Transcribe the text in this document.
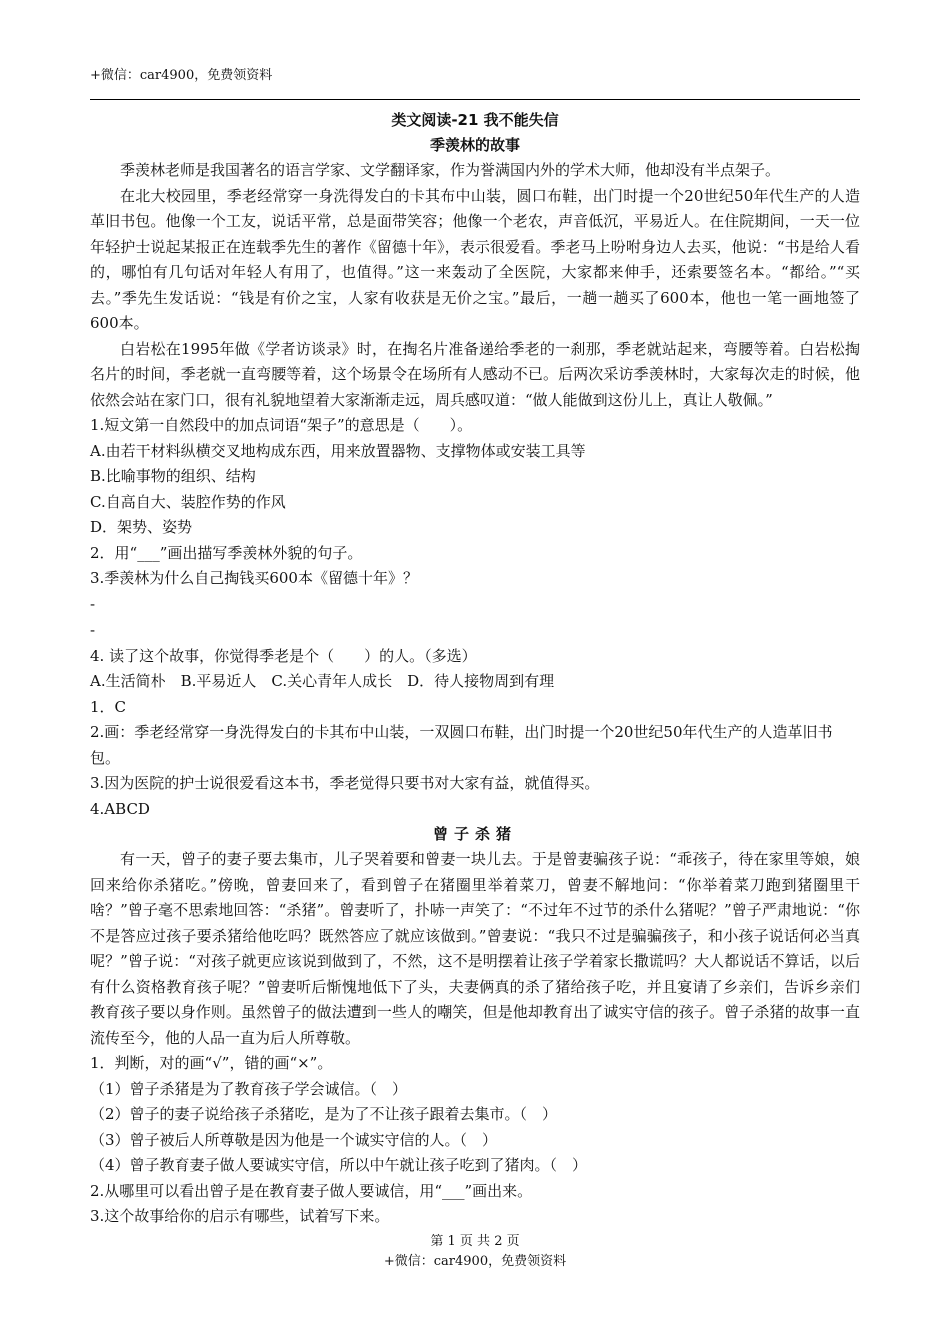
+微信：car4900，免费领资料
类文阅读-21 我不能失信
季羡林的故事

季羡林老师是我国著名的语言学家、文学翻译家，作为誉满国内外的学术大师，他却没有半点架子。

在北大校园里，季老经常穿一身洗得发白的卡其布中山装，圆口布鞋，出门时提一个20世纪50年代生产的人造革旧书包。他像一个工友，说话平常，总是面带笑容；他像一个老农，声音低沉，平易近人。在住院期间，一天一位年轻护士说起某报正在连载季先生的著作《留德十年》，表示很爱看。季老马上吩咐身边人去买，他说：“书是给人看的，哪怕有几句话对年轻人有用了，也值得。”这一来轰动了全医院，大家都来伸手，还索要签名本。“都给。”“买去。”季先生发话说：“钱是有价之宝，人家有收获是无价之宝。”最后，一趟一趟买了600本，他也一笔一画地签了600本。

白岩松在1995年做《学者访谈录》时，在掏名片准备递给季老的一刹那，季老就站起来，弯腰等着。白岩松掏名片的时间，季老就一直弯腰等着，这个场景令在场所有人感动不已。后两次采访季羡林时，大家每次走的时候，他依然会站在家门口，很有礼貌地望着大家渐渐走远，周兵感叹道：“做人能做到这份儿上，真让人敬佩。”

1.短文第一自然段中的加点词语“架子”的意思是（　　）。

A.由若干材料纵横交叉地构成东西，用来放置器物、支撑物体或安装工具等

B.比喻事物的组织、结构

C.自高自大、装腔作势的作风

D．架势、姿势

2．用“___”画出描写季羡林外貌的句子。

3.季羡林为什么自己掏钱买600本《留德十年》？

-

-

4. 读了这个故事，你觉得季老是个（　　）的人。（多选）

A.生活简朴　B.平易近人　C.关心青年人成长　D．待人接物周到有理

1．C

2.画：季老经常穿一身洗得发白的卡其布中山装，一双圆口布鞋，出门时提一个20世纪50年代生产的人造革旧书包。

3.因为医院的护士说很爱看这本书，季老觉得只要书对大家有益，就值得买。

4.ABCD

曾子杀猪

有一天，曾子的妻子要去集市，儿子哭着要和曾妻一块儿去。于是曾妻骗孩子说：“乖孩子，待在家里等娘，娘回来给你杀猪吃。”傍晚，曾妻回来了，看到曾子在猪圈里举着菜刀，曾妻不解地问：“你举着菜刀跑到猪圈里干啥？”曾子毫不思索地回答：“杀猪”。曾妻听了，扑哧一声笑了：“不过年不过节的杀什么猪呢？”曾子严肃地说：“你不是答应过孩子要杀猪给他吃吗？既然答应了就应该做到。”曾妻说：“我只不过是骗骗孩子，和小孩子说话何必当真呢？”曾子说：“对孩子就更应该说到做到了，不然，这不是明摆着让孩子学着家长撒谎吗？大人都说话不算话，以后有什么资格教育孩子呢？”曾妻听后惭愧地低下了头，夫妻俩真的杀了猪给孩子吃，并且宴请了乡亲们，告诉乡亲们教育孩子要以身作则。虽然曾子的做法遭到一些人的嘲笑，但是他却教育出了诚实守信的孩子。曾子杀猪的故事一直流传至今，他的人品一直为后人所尊敬。

1．判断，对的画“√”，错的画“×”。

（1）曾子杀猪是为了教育孩子学会诚信。（　）

（2）曾子的妻子说给孩子杀猪吃，是为了不让孩子跟着去集市。（　）

（3）曾子被后人所尊敬是因为他是一个诚实守信的人。（　）

（4）曾子教育妻子做人要诚实守信，所以中午就让孩子吃到了猪肉。（　）

2.从哪里可以看出曾子是在教育妻子做人要诚信，用“___”画出来。

3.这个故事给你的启示有哪些，试着写下来。

第 1 页 共 2 页
+微信：car4900，免费领资料
